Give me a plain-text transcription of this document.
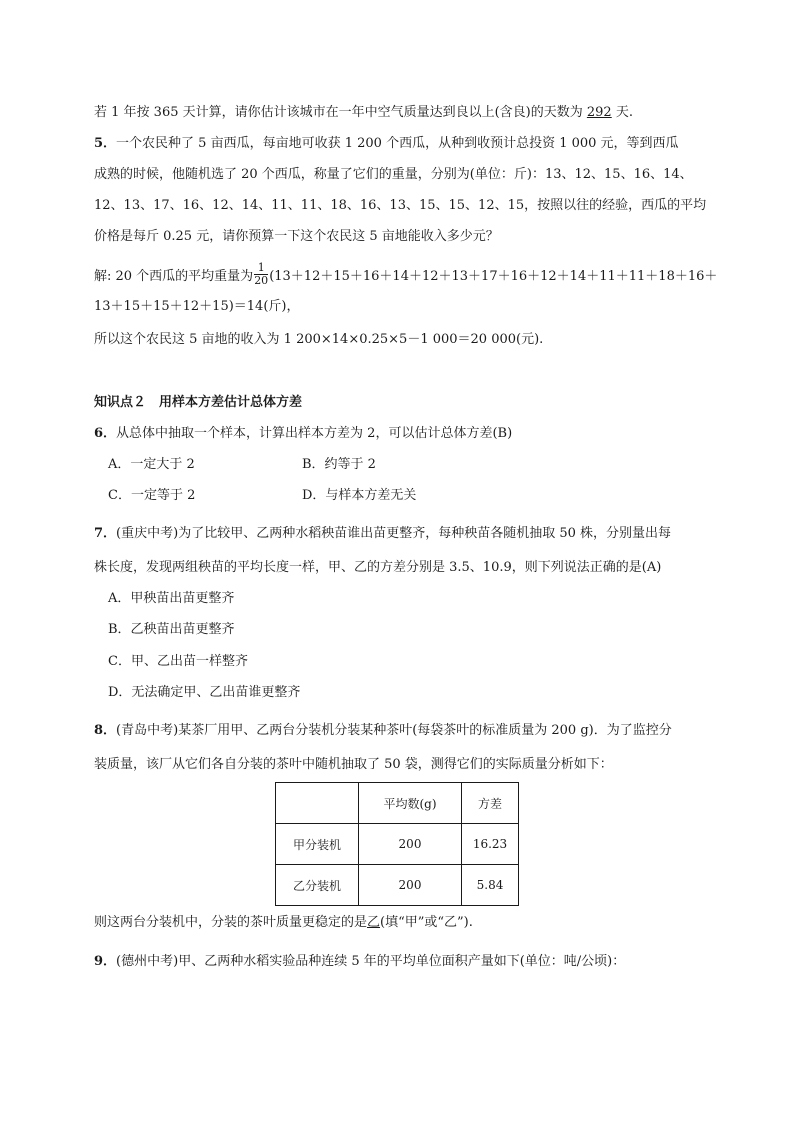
若 1 年按 365 天计算，请你估计该城市在一年中空气质量达到良以上(含良)的天数为 292 天.
5．一个农民种了 5 亩西瓜，每亩地可收获 1 200 个西瓜，从种到收预计总投资 1 000 元，等到西瓜
成熟的时候，他随机选了 20 个西瓜，称量了它们的重量，分别为(单位：斤)：13、12、15、16、14、
12、13、17、16、12、14、11、11、18、16、13、15、15、12、15，按照以往的经验，西瓜的平均
价格是每斤 0.25 元，请你预算一下这个农民这 5 亩地能收入多少元？
解: 20 个西瓜的平均重量为 $\frac{1}{20} (13+12+15+16+14+12+13+17+16+12+14+11+11+18+16+$
13＋15＋15＋12＋15)＝14(斤)，
所以这个农民这 5 亩地的收入为 1 200×14×0.25×5－1 000＝20 000(元).
知识点２　用样本方差估计总体方差
6．从总体中抽取一个样本，计算出样本方差为 2，可以估计总体方差(B)
A．一定大于 2	B．约等于 2
C．一定等于 2	D．与样本方差无关
7．(重庆中考)为了比较甲、乙两种水稻秧苗谁出苗更整齐，每种秧苗各随机抽取 50 株，分别量出每
株长度，发现两组秧苗的平均长度一样，甲、乙的方差分别是 3.5、10.9，则下列说法正确的是(A)
A．甲秧苗出苗更整齐
B．乙秧苗出苗更整齐
C．甲、乙出苗一样整齐
D．无法确定甲、乙出苗谁更整齐
8．(青岛中考)某茶厂用甲、乙两台分装机分装某种茶叶(每袋茶叶的标准质量为 200 g)．为了监控分
装质量，该厂从它们各自分装的茶叶中随机抽取了 50 袋，测得它们的实际质量分析如下：
	平均数(g)	方差
甲分装机	200	16.23
乙分装机	200	5.84
则这两台分装机中，分装的茶叶质量更稳定的是乙(填“甲”或“乙”).
9．(德州中考)甲、乙两种水稻实验品种连续 5 年的平均单位面积产量如下(单位：吨/公顷)：
